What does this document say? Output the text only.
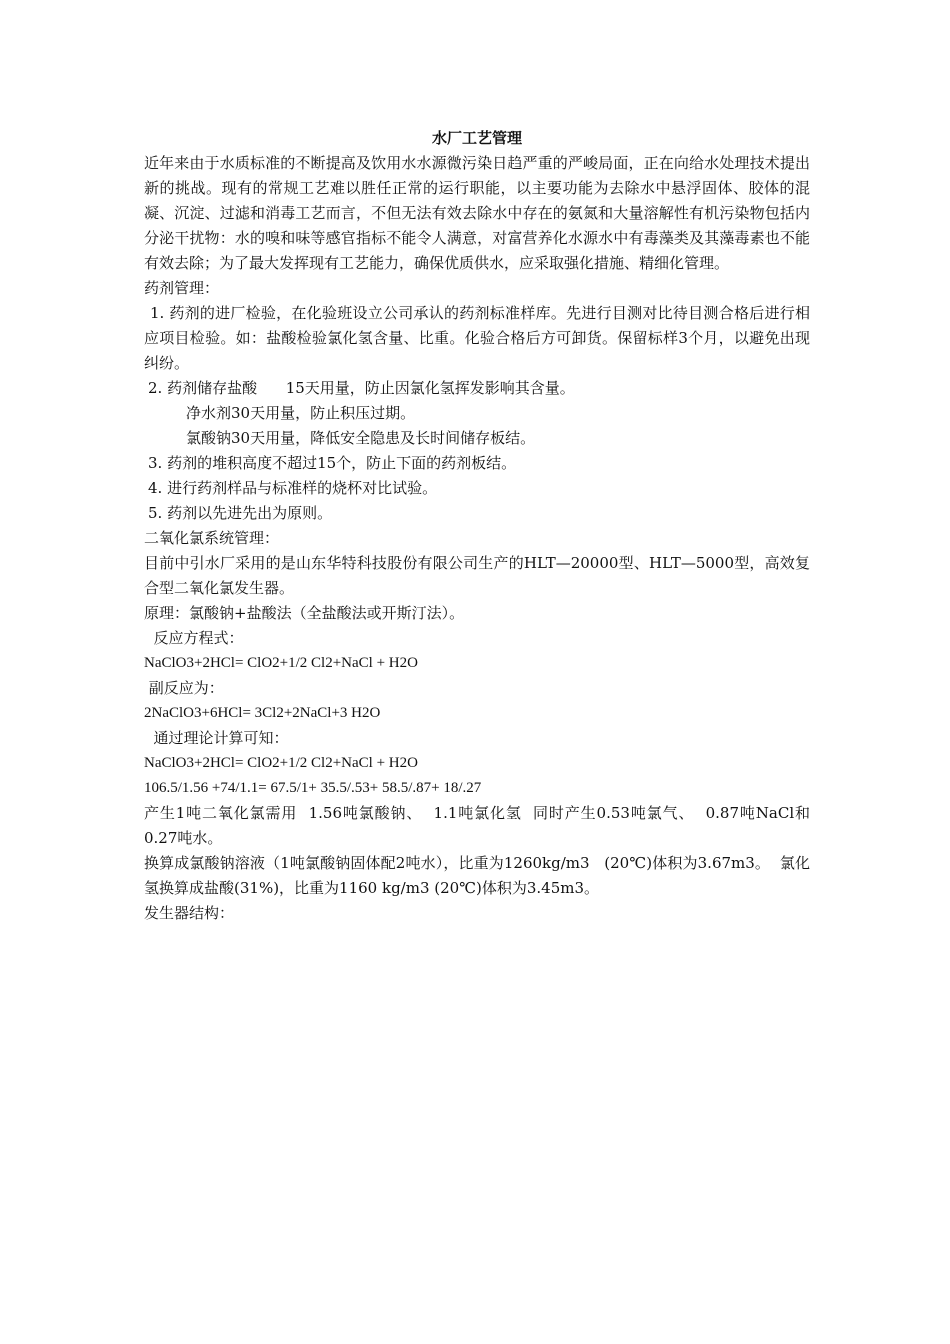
水厂工艺管理
近年来由于水质标准的不断提高及饮用水水源微污染日趋严重的严峻局面，正在向给水处理技术提出新的挑战。现有的常规工艺难以胜任正常的运行职能，以主要功能为去除水中悬浮固体、胶体的混凝、沉淀、过滤和消毒工艺而言，不但无法有效去除水中存在的氨氮和大量溶解性有机污染物包括内分泌干扰物：水的嗅和味等感官指标不能令人满意，对富营养化水源水中有毒藻类及其藻毒素也不能有效去除；为了最大发挥现有工艺能力，确保优质供水，应采取强化措施、精细化管理。
药剂管理：
1. 药剂的进厂检验，在化验班设立公司承认的药剂标准样库。先进行目测对比待目测合格后进行相应项目检验。如：盐酸检验氯化氢含量、比重。化验合格后方可卸货。保留标样3个月，以避免出现纠纷。
2. 药剂储存盐酸      15天用量，防止因氯化氢挥发影响其含量。
净水剂30天用量，防止积压过期。
氯酸钠30天用量，降低安全隐患及长时间储存板结。
3. 药剂的堆积高度不超过15个，防止下面的药剂板结。
4. 进行药剂样品与标准样的烧杯对比试验。
5. 药剂以先进先出为原则。
二氧化氯系统管理：
目前中引水厂采用的是山东华特科技股份有限公司生产的HLT—20000型、HLT—5000型，高效复合型二氧化氯发生器。
原理：氯酸钠+盐酸法（全盐酸法或开斯汀法）。
反应方程式：
NaClO3+2HCl= ClO2+1/2 Cl2+NaCl + H2O
副反应为：
2NaClO3+6HCl= 3Cl2+2NaCl+3 H2O
通过理论计算可知：
NaClO3+2HCl= ClO2+1/2 Cl2+NaCl + H2O
106.5/1.56 +74/1.1= 67.5/1+ 35.5/.53+ 58.5/.87+ 18/.27
产生1吨二氧化氯需用  1.56吨氯酸钠、  1.1吨氯化氢  同时产生0.53吨氯气、  0.87吨NaCl和  0.27吨水。
换算成氯酸钠溶液（1吨氯酸钠固体配2吨水），比重为1260kg/m3   (20℃)体积为3.67m3。  氯化氢换算成盐酸(31%)，比重为1160 kg/m3 (20℃)体积为3.45m3。
发生器结构：
